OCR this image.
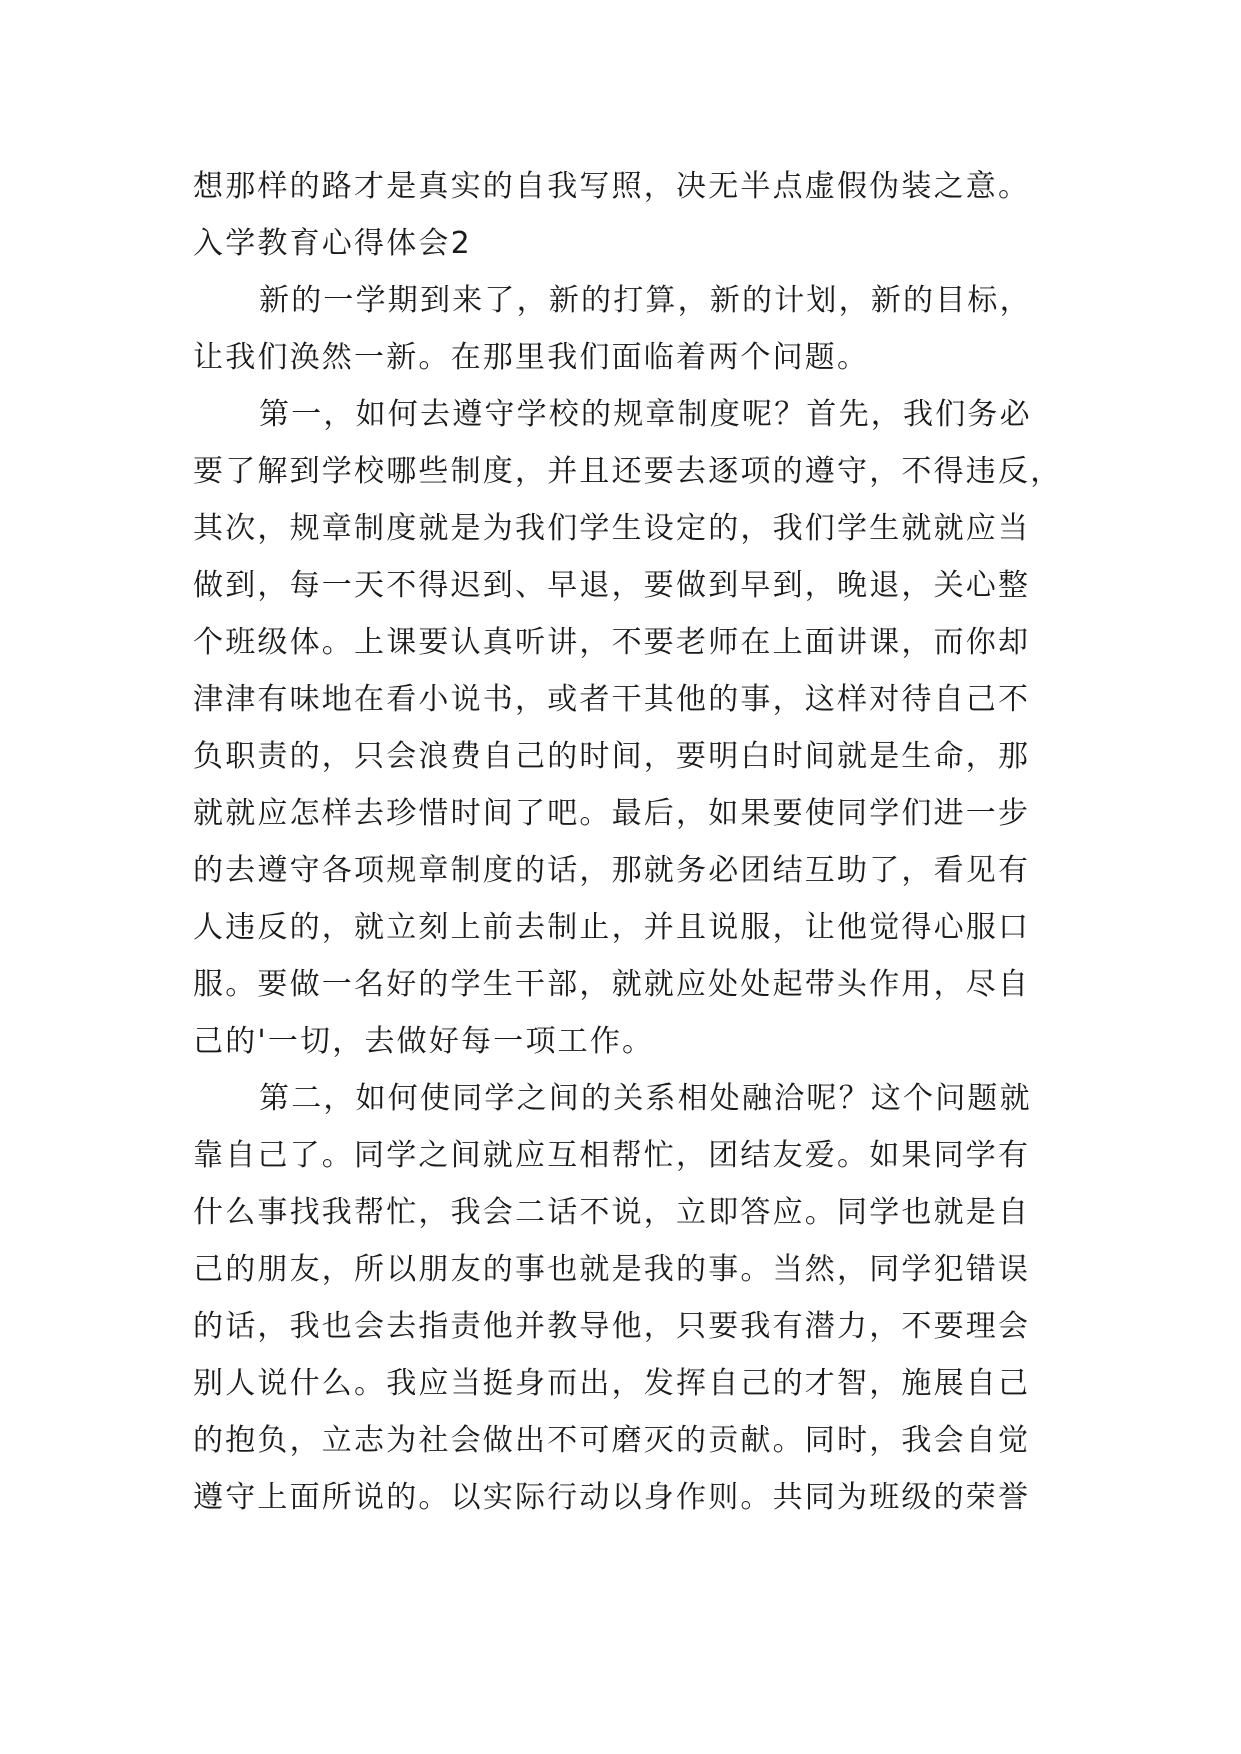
想那样的路才是真实的自我写照，决无半点虚假伪装之意。
入学教育心得体会2
新的一学期到来了，新的打算，新的计划，新的目标，
让我们涣然一新。在那里我们面临着两个问题。
第一，如何去遵守学校的规章制度呢？首先，我们务必
要了解到学校哪些制度，并且还要去逐项的遵守，不得违反，
其次，规章制度就是为我们学生设定的，我们学生就就应当
做到，每一天不得迟到、早退，要做到早到，晚退，关心整
个班级体。上课要认真听讲，不要老师在上面讲课，而你却
津津有味地在看小说书，或者干其他的事，这样对待自己不
负职责的，只会浪费自己的时间，要明白时间就是生命，那
就就应怎样去珍惜时间了吧。最后，如果要使同学们进一步
的去遵守各项规章制度的话，那就务必团结互助了，看见有
人违反的，就立刻上前去制止，并且说服，让他觉得心服口
服。要做一名好的学生干部，就就应处处起带头作用，尽自
己的'一切，去做好每一项工作。
第二，如何使同学之间的关系相处融洽呢？这个问题就
靠自己了。同学之间就应互相帮忙，团结友爱。如果同学有
什么事找我帮忙，我会二话不说，立即答应。同学也就是自
己的朋友，所以朋友的事也就是我的事。当然，同学犯错误
的话，我也会去指责他并教导他，只要我有潜力，不要理会
别人说什么。我应当挺身而出，发挥自己的才智，施展自己
的抱负，立志为社会做出不可磨灭的贡献。同时，我会自觉
遵守上面所说的。以实际行动以身作则。共同为班级的荣誉
